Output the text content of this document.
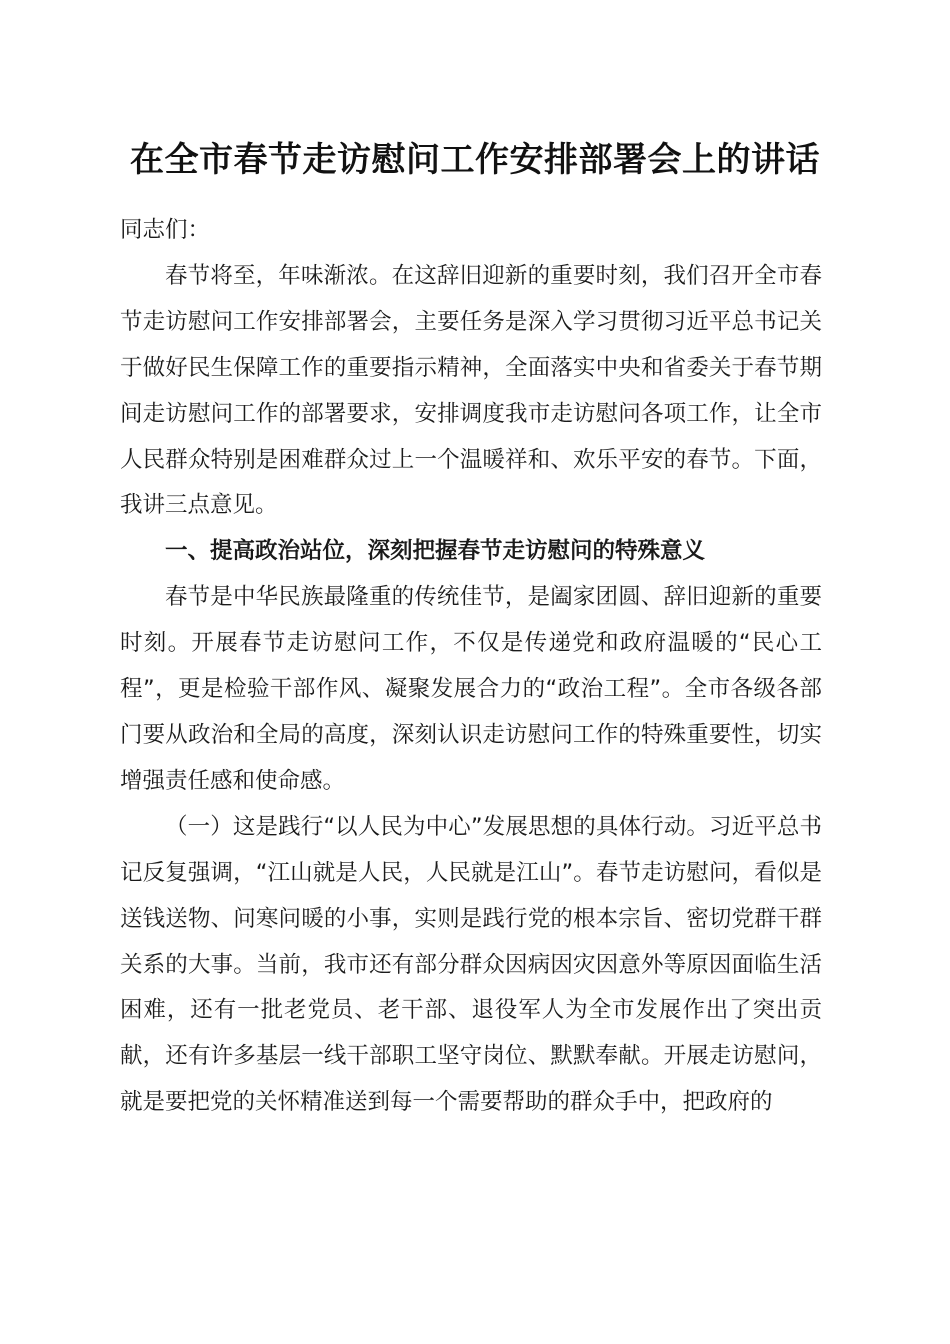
在全市春节走访慰问工作安排部署会上的讲话

同志们：

春节将至，年味渐浓。在这辞旧迎新的重要时刻，我们召开全市春节走访慰问工作安排部署会，主要任务是深入学习贯彻习近平总书记关于做好民生保障工作的重要指示精神，全面落实中央和省委关于春节期间走访慰问工作的部署要求，安排调度我市走访慰问各项工作，让全市人民群众特别是困难群众过上一个温暖祥和、欢乐平安的春节。下面，我讲三点意见。

一、提高政治站位，深刻把握春节走访慰问的特殊意义

春节是中华民族最隆重的传统佳节，是阖家团圆、辞旧迎新的重要时刻。开展春节走访慰问工作，不仅是传递党和政府温暖的“民心工程”，更是检验干部作风、凝聚发展合力的“政治工程”。全市各级各部门要从政治和全局的高度，深刻认识走访慰问工作的特殊重要性，切实增强责任感和使命感。

（一）这是践行“以人民为中心”发展思想的具体行动。习近平总书记反复强调，“江山就是人民，人民就是江山”。春节走访慰问，看似是送钱送物、问寒问暖的小事，实则是践行党的根本宗旨、密切党群干群关系的大事。当前，我市还有部分群众因病因灾因意外等原因面临生活困难，还有一批老党员、老干部、退役军人为全市发展作出了突出贡献，还有许多基层一线干部职工坚守岗位、默默奉献。开展走访慰问，就是要把党的关怀精准送到每一个需要帮助的群众手中，把政府的
